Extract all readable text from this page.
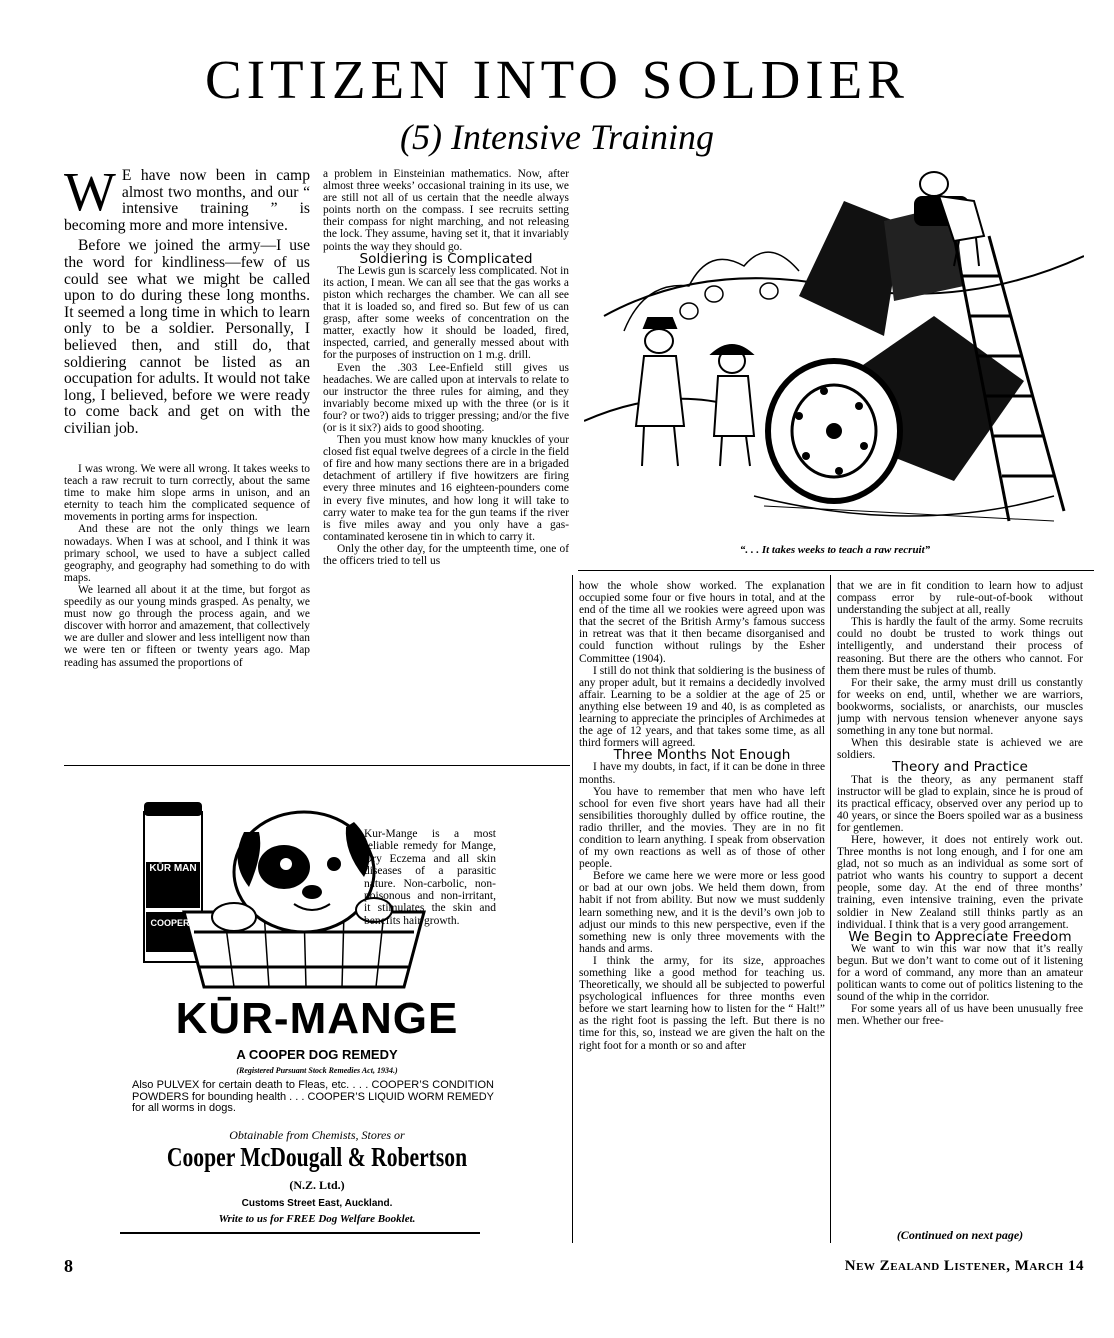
CITIZEN INTO SOLDIER
(5) Intensive Training

W E have now been in camp almost two months, and our “ intensive training ” is becoming more and more intensive.

Before we joined the army—I use the word for kindliness—few of us could see what we might be called upon to do during these long months. It seemed a long time in which to learn only to be a soldier. Personally, I believed then, and still do, that soldiering cannot be listed as an occupation for adults. It would not take long, I believed, before we were ready to come back and get on with the civilian job.

I was wrong. We were all wrong. It takes weeks to teach a raw recruit to turn correctly, about the same time to make him slope arms in unison, and an eternity to teach him the complicated sequence of movements in porting arms for inspection.

And these are not the only things we learn nowadays. When I was at school, and I think it was primary school, we used to have a subject called geography, and geography had something to do with maps.

We learned all about it at the time, but forgot as speedily as our young minds grasped. As penalty, we must now go through the process again, and we discover with horror and amazement, that collectively we are duller and slower and less intelligent now than we were ten or fifteen or twenty years ago. Map reading has assumed the proportions of

a problem in Einsteinian mathematics. Now, after almost three weeks’ occasional training in its use, we are still not all of us certain that the needle always points north on the compass. I see recruits setting their compass for night marching, and not releasing the lock. They assume, having set it, that it invariably points the way they should go.

Soldiering is Complicated

The Lewis gun is scarcely less complicated. Not in its action, I mean. We can all see that the gas works a piston which recharges the chamber. We can all see that it is loaded so, and fired so. But few of us can grasp, after some weeks of concentration on the matter, exactly how it should be loaded, fired, inspected, carried, and generally messed about with for the purposes of instruction on 1 m.g. drill.

Even the .303 Lee-Enfield still gives us headaches. We are called upon at intervals to relate to our instructor the three rules for aiming, and they invariably become mixed up with the three (or is it four? or two?) aids to trigger pressing; and/or the five (or is it six?) aids to good shooting.

Then you must know how many knuckles of your closed fist equal twelve degrees of a circle in the field of fire and how many sections there are in a brigaded detachment of artillery if five howitzers are firing every three minutes and 16 eighteen-pounders come in every five minutes, and how long it will take to carry water to make tea for the gun teams if the river is five miles away and you only have a gas-contaminated kerosene tin in which to carry it.

Only the other day, for the umpteenth time, one of the officers tried to tell us

“. . . It takes weeks to teach a raw recruit”

how the whole show worked. The explanation occupied some four or five hours in total, and at the end of the time all we rookies were agreed upon was that the secret of the British Army’s famous success in retreat was that it then became disorganised and could function without rulings by the Esher Committee (1904).

I still do not think that soldiering is the business of any proper adult, but it remains a decidedly involved affair. Learning to be a soldier at the age of 25 or anything else between 19 and 40, is as completed as learning to appreciate the principles of Archimedes at the age of 12 years, and that takes some time, as all third formers will agreed.

Three Months Not Enough

I have my doubts, in fact, if it can be done in three months.

You have to remember that men who have left school for even five short years have had all their sensibilities thoroughly dulled by office routine, the radio thriller, and the movies. They are in no fit condition to learn anything. I speak from observation of my own reactions as well as of those of other people.

Before we came here we were more or less good or bad at our own jobs. We held them down, from habit if not from ability. But now we must suddenly learn something new, and it is the devil’s own job to adjust our minds to this new perspective, even if the something new is only three movements with the hands and arms.

I think the army, for its size, approaches something like a good method for teaching us. Theoretically, we should all be subjected to powerful psychological influences for three months even before we start learning how to listen for the “ Halt!” as the right foot is passing the left. But there is no time for this, so, instead we are given the halt on the right foot for a month or so and after

that we are in fit condition to learn how to adjust compass error by rule-out-of-book without understanding the subject at all, really

This is hardly the fault of the army. Some recruits could no doubt be trusted to work things out intelligently, and understand their process of reasoning. But there are the others who cannot. For them there must be rules of thumb.

For their sake, the army must drill us constantly for weeks on end, until, whether we are warriors, bookworms, socialists, or anarchists, our muscles jump with nervous tension whenever anyone says something in any tone but normal.

When this desirable state is achieved we are soldiers.

Theory and Practice

That is the theory, as any permanent staff instructor will be glad to explain, since he is proud of its practical efficacy, observed over any period up to 40 years, or since the Boers spoiled war as a business for gentlemen.

Here, however, it does not entirely work out. Three months is not long enough, and I for one am glad, not so much as an individual as some sort of patriot who wants his country to support a decent people, some day. At the end of three months’ training, even intensive training, even the private soldier in New Zealand still thinks partly as an individual. I think that is a very good arrangement.

We Begin to Appreciate Freedom

We want to win this war now that it’s really begun. But we don’t want to come out of it listening for a word of command, any more than an amateur politican wants to come out of politics listening to the sound of the whip in the corridor.

For some years all of us have been unusually free men. Whether our free-

(Continued on next page)
KŪR MAN
COOPERS
Kur-Mange is a most reliable remedy for Mange, Dry Eczema and all skin diseases of a parasitic nature. Non-carbolic, non-poisonous and non-irritant, it stimulates the skin and benefits hair growth.
KŪR-MANGE
A COOPER DOG REMEDY
(Registered Pursuant Stock Remedies Act, 1934.)
Also PULVEX for certain death to Fleas, etc. . . . COOPER’S CONDITION POWDERS for bounding health . . . COOPER’S LIQUID WORM REMEDY for all worms in dogs.
Obtainable from Chemists, Stores or
Cooper McDougall & Robertson
(N.Z. Ltd.)
Customs Street East, Auckland.
Write to us for FREE Dog Welfare Booklet.
8	New Zealand Listener, March 14
